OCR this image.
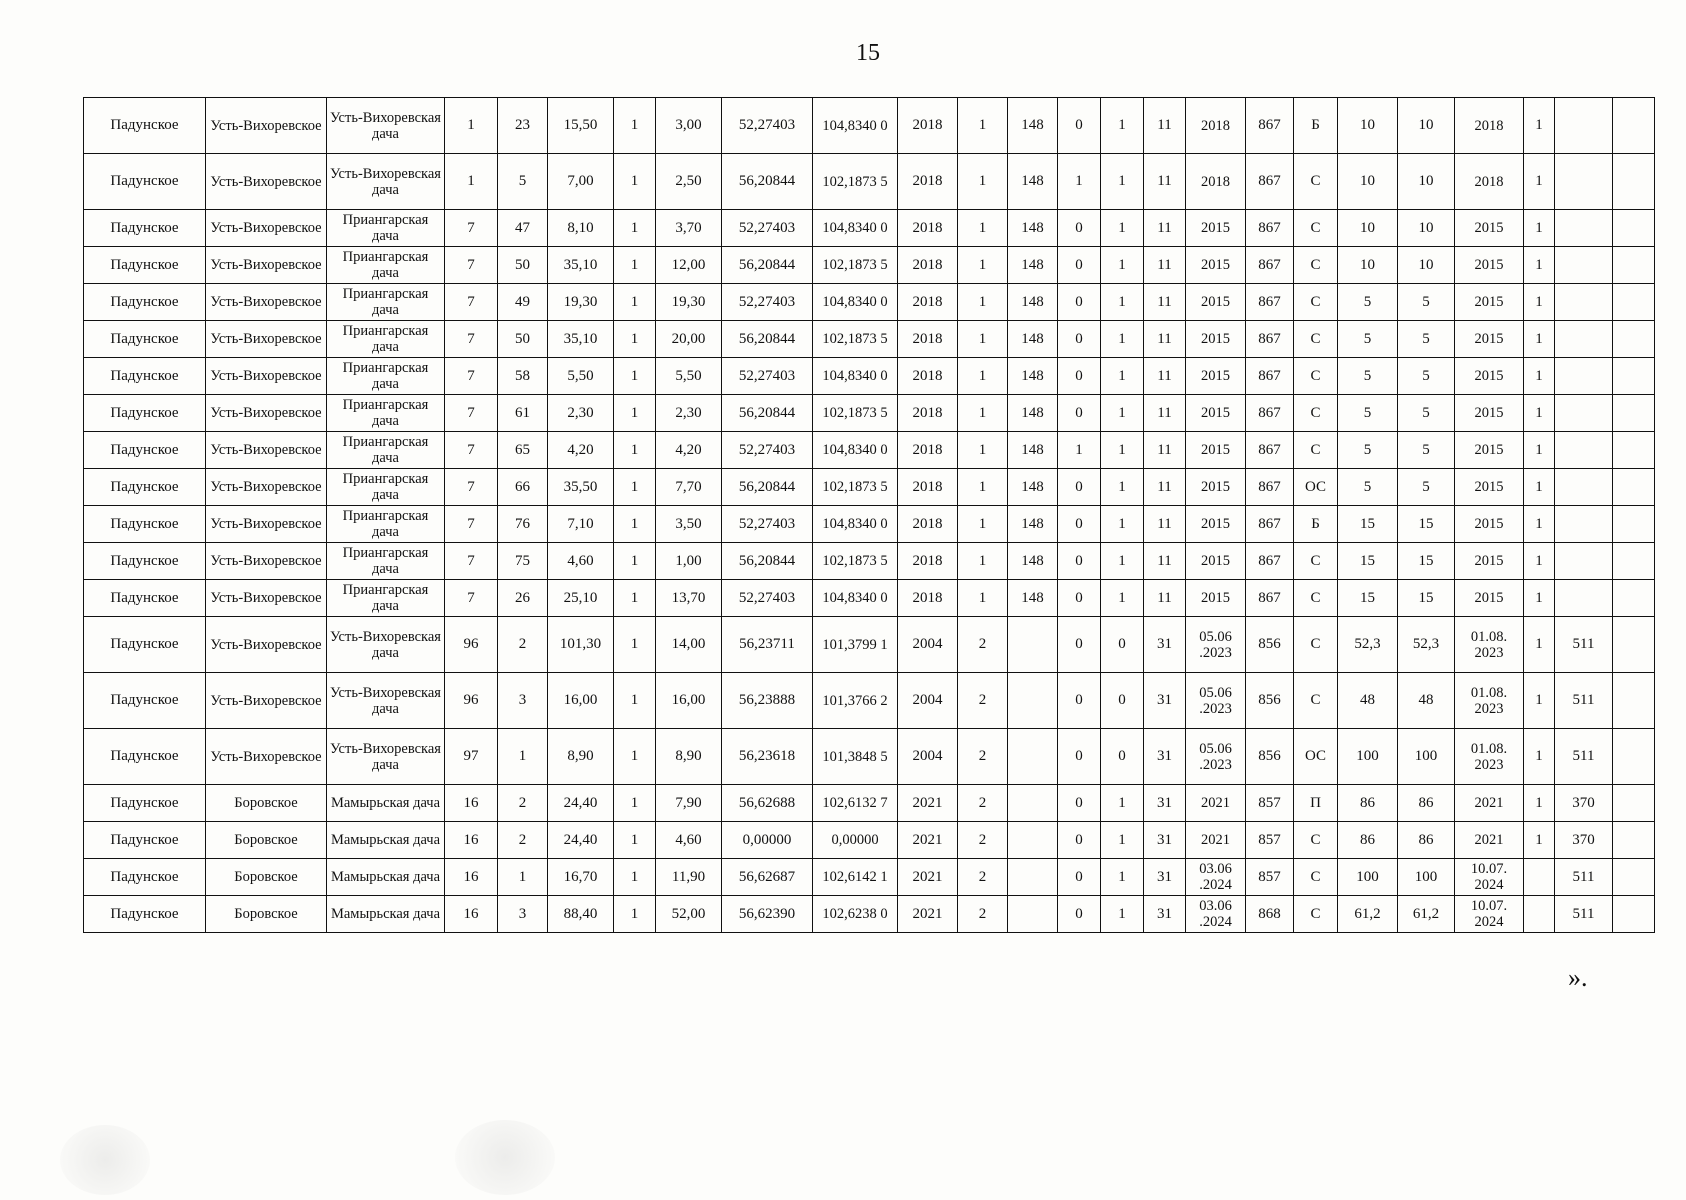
15
Падунское	Усть-Вихоревское	Усть-Вихоревская дача	1	23	15,50	1	3,00	52,27403	104,8340 0	2018	1	148	0	1	11	2018	867	Б	10	10	2018	1		
Падунское	Усть-Вихоревское	Усть-Вихоревская дача	1	5	7,00	1	2,50	56,20844	102,1873 5	2018	1	148	1	1	11	2018	867	С	10	10	2018	1		
Падунское	Усть-Вихоревское	Приангарская дача	7	47	8,10	1	3,70	52,27403	104,8340 0	2018	1	148	0	1	11	2015	867	С	10	10	2015	1		
Падунское	Усть-Вихоревское	Приангарская дача	7	50	35,10	1	12,00	56,20844	102,1873 5	2018	1	148	0	1	11	2015	867	С	10	10	2015	1		
Падунское	Усть-Вихоревское	Приангарская дача	7	49	19,30	1	19,30	52,27403	104,8340 0	2018	1	148	0	1	11	2015	867	С	5	5	2015	1		
Падунское	Усть-Вихоревское	Приангарская дача	7	50	35,10	1	20,00	56,20844	102,1873 5	2018	1	148	0	1	11	2015	867	С	5	5	2015	1		
Падунское	Усть-Вихоревское	Приангарская дача	7	58	5,50	1	5,50	52,27403	104,8340 0	2018	1	148	0	1	11	2015	867	С	5	5	2015	1		
Падунское	Усть-Вихоревское	Приангарская дача	7	61	2,30	1	2,30	56,20844	102,1873 5	2018	1	148	0	1	11	2015	867	С	5	5	2015	1		
Падунское	Усть-Вихоревское	Приангарская дача	7	65	4,20	1	4,20	52,27403	104,8340 0	2018	1	148	1	1	11	2015	867	С	5	5	2015	1		
Падунское	Усть-Вихоревское	Приангарская дача	7	66	35,50	1	7,70	56,20844	102,1873 5	2018	1	148	0	1	11	2015	867	ОС	5	5	2015	1		
Падунское	Усть-Вихоревское	Приангарская дача	7	76	7,10	1	3,50	52,27403	104,8340 0	2018	1	148	0	1	11	2015	867	Б	15	15	2015	1		
Падунское	Усть-Вихоревское	Приангарская дача	7	75	4,60	1	1,00	56,20844	102,1873 5	2018	1	148	0	1	11	2015	867	С	15	15	2015	1		
Падунское	Усть-Вихоревское	Приангарская дача	7	26	25,10	1	13,70	52,27403	104,8340 0	2018	1	148	0	1	11	2015	867	С	15	15	2015	1		
Падунское	Усть-Вихоревское	Усть-Вихоревская дача	96	2	101,30	1	14,00	56,23711	101,3799 1	2004	2		0	0	31	05.06 .2023	856	С	52,3	52,3	01.08. 2023	1	511	
Падунское	Усть-Вихоревское	Усть-Вихоревская дача	96	3	16,00	1	16,00	56,23888	101,3766 2	2004	2		0	0	31	05.06 .2023	856	С	48	48	01.08. 2023	1	511	
Падунское	Усть-Вихоревское	Усть-Вихоревская дача	97	1	8,90	1	8,90	56,23618	101,3848 5	2004	2		0	0	31	05.06 .2023	856	ОС	100	100	01.08. 2023	1	511	
Падунское	Боровское	Мамырьская дача	16	2	24,40	1	7,90	56,62688	102,6132 7	2021	2		0	1	31	2021	857	П	86	86	2021	1	370	
Падунское	Боровское	Мамырьская дача	16	2	24,40	1	4,60	0,00000	0,00000	2021	2		0	1	31	2021	857	С	86	86	2021	1	370	
Падунское	Боровское	Мамырьская дача	16	1	16,70	1	11,90	56,62687	102,6142 1	2021	2		0	1	31	03.06 .2024	857	С	100	100	10.07. 2024		511	
Падунское	Боровское	Мамырьская дача	16	3	88,40	1	52,00	56,62390	102,6238 0	2021	2		0	1	31	03.06 .2024	868	С	61,2	61,2	10.07. 2024		511	
».
